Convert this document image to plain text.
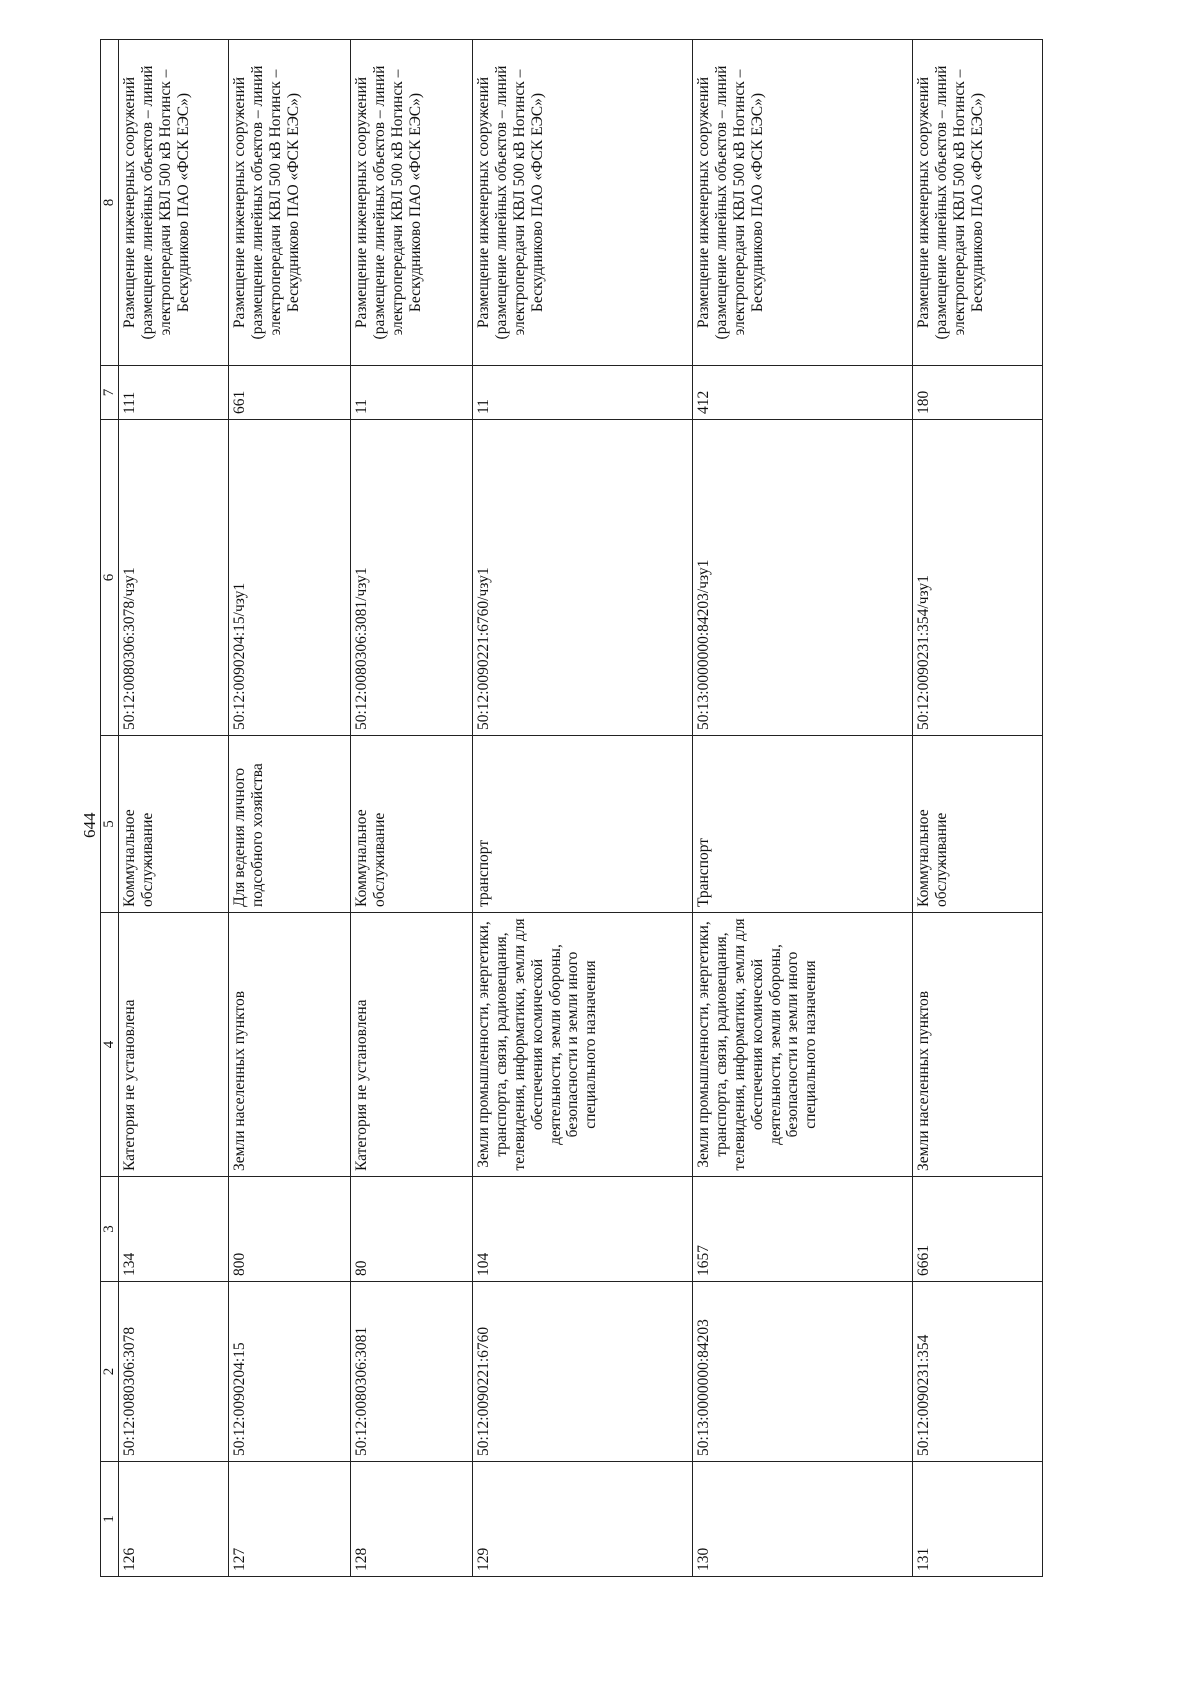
644
1	2	3	4	5	6	7	8
126	50:12:0080306:3078	134	Категория не установлена	Коммунальное обслуживание	50:12:0080306:3078/чзу1	111	Размещение инженерных сооружений (размещение линейных объектов – линий электропередачи КВЛ 500 кВ Ногинск – Бескудниково ПАО «ФСК ЕЭС»)
127	50:12:0090204:15	800	Земли населенных пунктов	Для ведения личного подсобного хозяйства	50:12:0090204:15/чзу1	661	Размещение инженерных сооружений (размещение линейных объектов – линий электропередачи КВЛ 500 кВ Ногинск – Бескудниково ПАО «ФСК ЕЭС»)
128	50:12:0080306:3081	80	Категория не установлена	Коммунальное обслуживание	50:12:0080306:3081/чзу1	11	Размещение инженерных сооружений (размещение линейных объектов – линий электропередачи КВЛ 500 кВ Ногинск – Бескудниково ПАО «ФСК ЕЭС»)
129	50:12:0090221:6760	104	Земли промышленности, энергетики, транспорта, связи, радиовещания, телевидения, информатики, земли для обеспечения космической деятельности, земли обороны, безопасности и земли иного специального назначения	транспорт	50:12:0090221:6760/чзу1	11	Размещение инженерных сооружений (размещение линейных объектов – линий электропередачи КВЛ 500 кВ Ногинск – Бескудниково ПАО «ФСК ЕЭС»)
130	50:13:0000000:84203	1657	Земли промышленности, энергетики, транспорта, связи, радиовещания, телевидения, информатики, земли для обеспечения космической деятельности, земли обороны, безопасности и земли иного специального назначения	Транспорт	50:13:0000000:84203/чзу1	412	Размещение инженерных сооружений (размещение линейных объектов – линий электропередачи КВЛ 500 кВ Ногинск – Бескудниково ПАО «ФСК ЕЭС»)
131	50:12:0090231:354	6661	Земли населенных пунктов	Коммунальное обслуживание	50:12:0090231:354/чзу1	180	Размещение инженерных сооружений (размещение линейных объектов – линий электропередачи КВЛ 500 кВ Ногинск – Бескудниково ПАО «ФСК ЕЭС»)
